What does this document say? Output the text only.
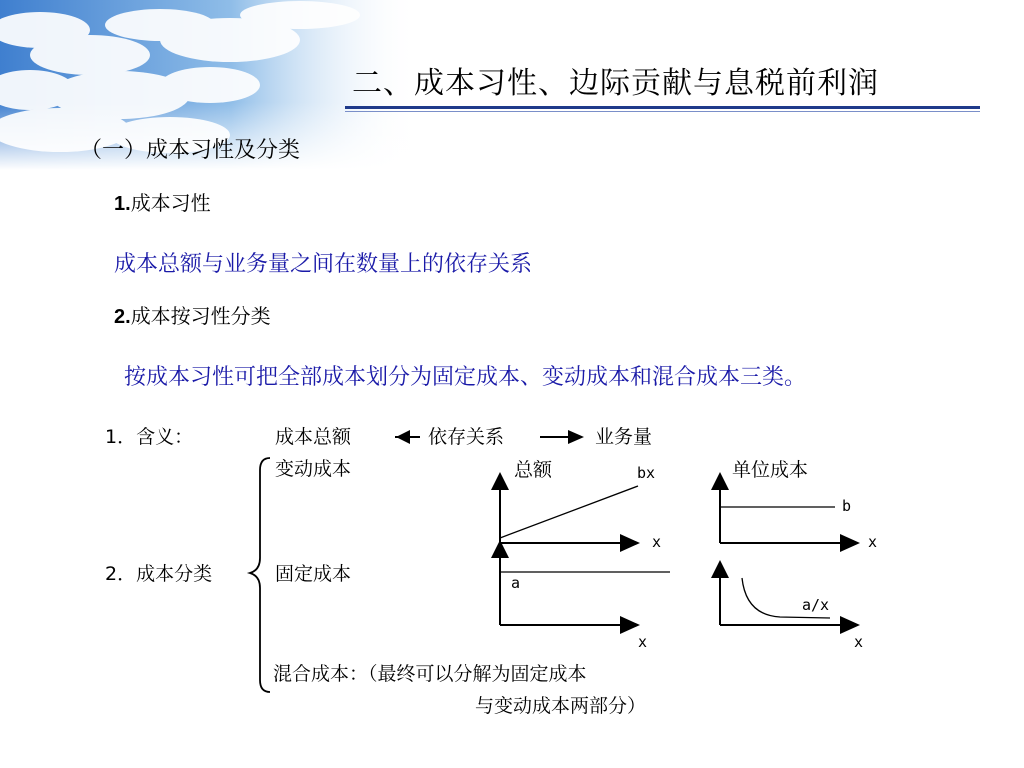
二、成本习性、边际贡献与息税前利润
（一）成本习性及分类
1.成本习性
成本总额与业务量之间在数量上的依存关系
2.成本按习性分类
按成本习性可把全部成本划分为固定成本、变动成本和混合成本三类。
1．含义：	成本总额	依存关系	业务量
2．成本分类
变动成本
固定成本
混合成本：（最终可以分解为固定成本
与变动成本两部分）
总额	bx
x
单位成本
b
x
a
x
a/x
x
